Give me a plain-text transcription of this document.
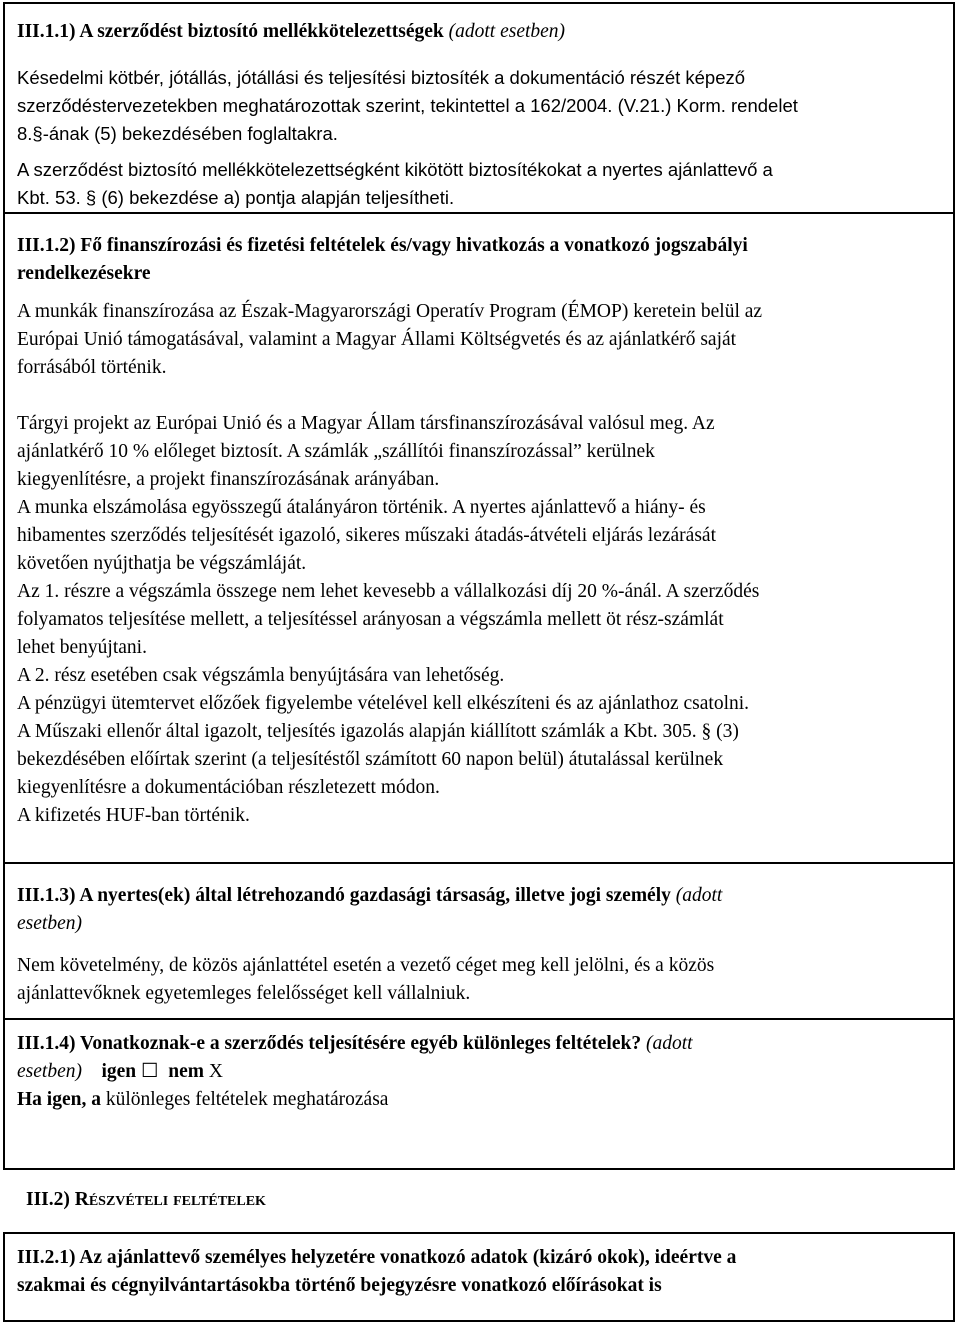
III.1.1) A szerződést biztosító mellékkötelezettségek (adott esetben)

Késedelmi kötbér, jótállás, jótállási és teljesítési biztosíték a dokumentáció részét képező
szerződéstervezetekben meghatározottak szerint, tekintettel a 162/2004. (V.21.) Korm. rendelet
8.§-ának (5) bekezdésében foglaltakra.

A szerződést biztosító mellékkötelezettségként kikötött biztosítékokat a nyertes ajánlattevő a
Kbt. 53. § (6) bekezdése a) pontja alapján teljesítheti.

III.1.2) Fő finanszírozási és fizetési feltételek és/vagy hivatkozás a vonatkozó jogszabályi
rendelkezésekre

A munkák finanszírozása az Észak-Magyarországi Operatív Program (ÉMOP) keretein belül az
Európai Unió támogatásával, valamint a Magyar Állami Költségvetés és az ajánlatkérő saját
forrásából történik.

Tárgyi projekt az Európai Unió és a Magyar Állam társfinanszírozásával valósul meg. Az
ajánlatkérő 10 % előleget biztosít. A számlák „szállítói finanszírozással” kerülnek
kiegyenlítésre, a projekt finanszírozásának arányában.
A munka elszámolása egyösszegű átalányáron történik. A nyertes ajánlattevő a hiány- és
hibamentes szerződés teljesítését igazoló, sikeres műszaki átadás-átvételi eljárás lezárását
követően nyújthatja be végszámláját.
Az 1. részre a végszámla összege nem lehet kevesebb a vállalkozási díj 20 %-ánál. A szerződés
folyamatos teljesítése mellett, a teljesítéssel arányosan a végszámla mellett öt rész-számlát
lehet benyújtani.
A 2. rész esetében csak végszámla benyújtására van lehetőség.
A pénzügyi ütemtervet előzőek figyelembe vételével kell elkészíteni és az ajánlathoz csatolni.
A Műszaki ellenőr által igazolt, teljesítés igazolás alapján kiállított számlák a Kbt. 305. § (3)
bekezdésében előírtak szerint (a teljesítéstől számított 60 napon belül) átutalással kerülnek
kiegyenlítésre a dokumentációban részletezett módon.
A kifizetés HUF-ban történik.

III.1.3) A nyertes(ek) által létrehozandó gazdasági társaság, illetve jogi személy (adott
esetben)

Nem követelmény, de közös ajánlattétel esetén a vezető céget meg kell jelölni, és a közös
ajánlattevőknek egyetemleges felelősséget kell vállalniuk.

III.1.4) Vonatkoznak-e a szerződés teljesítésére egyéb különleges feltételek? (adott
esetben) igen ☐ nem X
Ha igen, a különleges feltételek meghatározása

III.2) Részvételi feltételek

III.2.1) Az ajánlattevő személyes helyzetére vonatkozó adatok (kizáró okok), ideértve a
szakmai és cégnyilvántartásokba történő bejegyzésre vonatkozó előírásokat is
